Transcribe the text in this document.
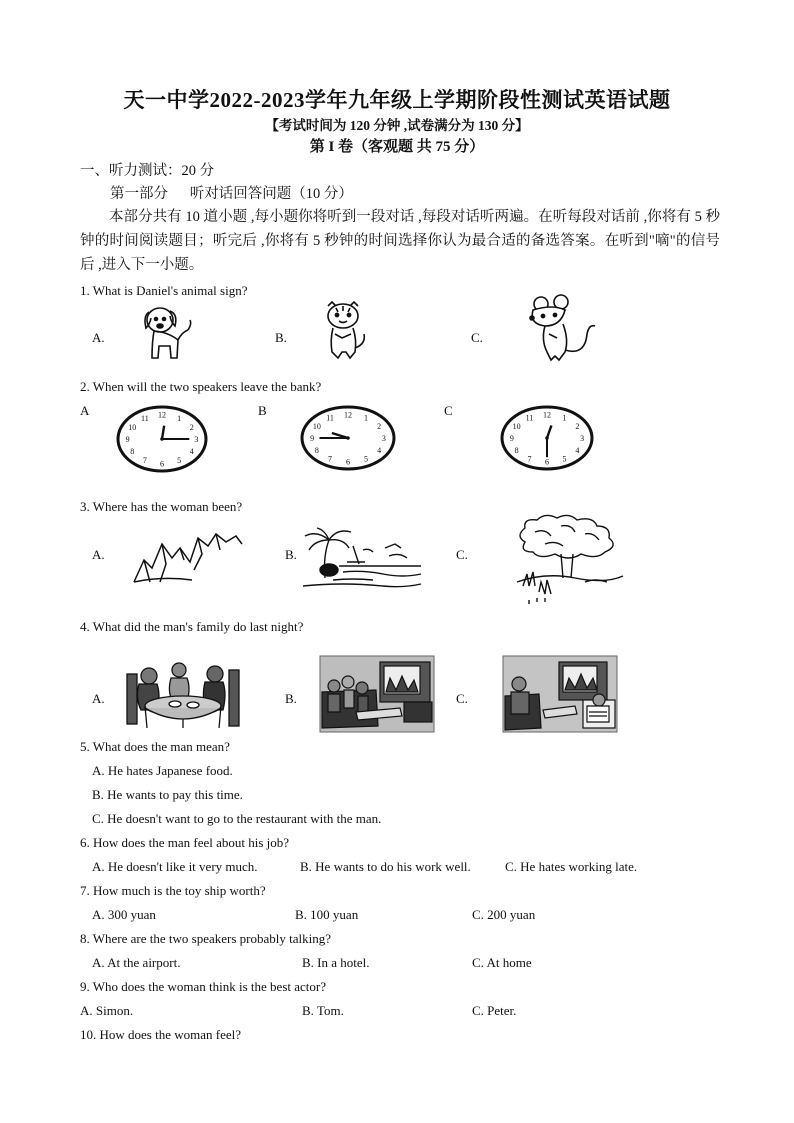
天一中学2022-2023学年九年级上学期阶段性测试英语试题
【考试时间为 120 分钟 ,试卷满分为 130 分】
第 I 卷（客观题 共 75 分）
一、听力测试：20 分
第一部分      听对话回答问题（10 分）
本部分共有 10 道小题 ,每小题你将听到一段对话 ,每段对话听两遍。在听每段对话前 ,你将有 5 秒钟的时间阅读题目；听完后 ,你将有 5 秒钟的时间选择你认为最合适的备选答案。在听到"嘀"的信号后 ,进入下一小题。
1. What is Daniel's animal sign?
A.	B.	C.
2. When will the two speakers leave the bank?
A	B	C
12 1
2
3
4
5
6
7
8
9
10
11	12 1
2
3
4
5
6
7
8
9
10
11	12 1
2
3
4
5
6
7
8
9
10
11
3. Where has the woman been?
A.	B.	C.
4. What did the man's family do last night?
A.	B.	C.
5. What does the man mean?
A. He hates Japanese food.
B. He wants to pay this time.
C. He doesn't want to go to the restaurant with the man.
6. How does the man feel about his job?
A. He doesn't like it very much.	B. He wants to do his work well.	C. He hates working late.
7. How much is the toy ship worth?
A. 300 yuan	B. 100 yuan	C. 200 yuan
8. Where are the two speakers probably talking?
A. At the airport.	B. In a hotel.	C. At home
9. Who does the woman think is the best actor?
A. Simon.	B. Tom.	C. Peter.
10. How does the woman feel?
